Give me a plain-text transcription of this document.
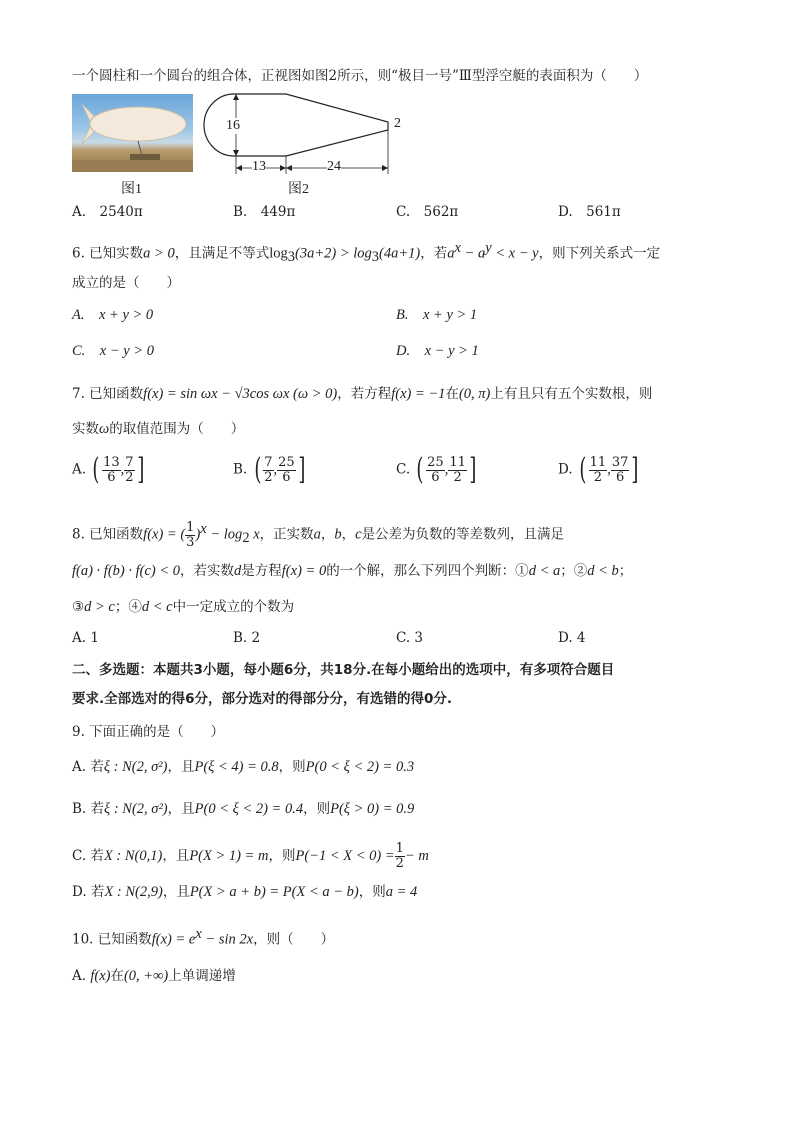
一个圆柱和一个圆台的组合体，正视图如图2所示，则“极目一号”Ⅲ型浮空艇的表面积为（　　）
图1
16	2
13	24
图2
A.　2540π	B.　449π	C.　562π	D.　561π
6. 已知实数a > 0，且满足不等式$\log_3(3a+2) > \log_3(4a+1)$，若$a^x - a^y < x - y$，则下列关系式一定
成立的是（　　）
A.　x + y > 0	B.　x + y > 1
C.　x − y > 0	D.　x − y > 1
7. 已知函数f(x) = sin ωx − √3cos ωx (ω > 0)，若方程f(x) = −1在(0, π)上有且只有五个实数根，则
实数ω的取值范围为（　　）
A. ( $\frac{13}{6}$ , $\frac{7}{2}$ ]	B. ( $\frac{7}{2}$ , $\frac{25}{6}$ ]	C. ( $\frac{25}{6}$ , $\frac{11}{2}$ ]	D. ( $\frac{11}{2}$ , $\frac{37}{6}$ ]
8. 已知函数f(x) = ( $\frac{1}{3} )^x - \log_2 x$，正实数a，b，c是公差为负数的等差数列，且满足
f(a) · f(b) · f(c) < 0，若实数d是方程f(x) = 0的一个解，那么下列四个判断：①d < a；②d < b；
③d > c；④d < c中一定成立的个数为
A. 1	B. 2	C. 3	D. 4
二、多选题：本题共3小题，每小题6分，共18分.在每小题给出的选项中，有多项符合题目
要求.全部选对的得6分，部分选对的得部分分，有选错的得0分.
9. 下面正确的是（　　）
A. 若ξ : N(2, σ²)，且P(ξ < 4) = 0.8，则P(0 < ξ < 2) = 0.3
B. 若ξ : N(2, σ²)，且P(0 < ξ < 2) = 0.4，则P(ξ > 0) = 0.9
C. 若X : N(0,1)，且P(X > 1) = m，则$P(-1 < X < 0) = \frac{1}{2} - m$
D. 若X : N(2,9)，且P(X > a + b) = P(X < a − b)，则a = 4
10. 已知函数$f(x) = e^x - \sin 2x$，则（　　）
A. f(x)在(0, +∞)上单调递增
